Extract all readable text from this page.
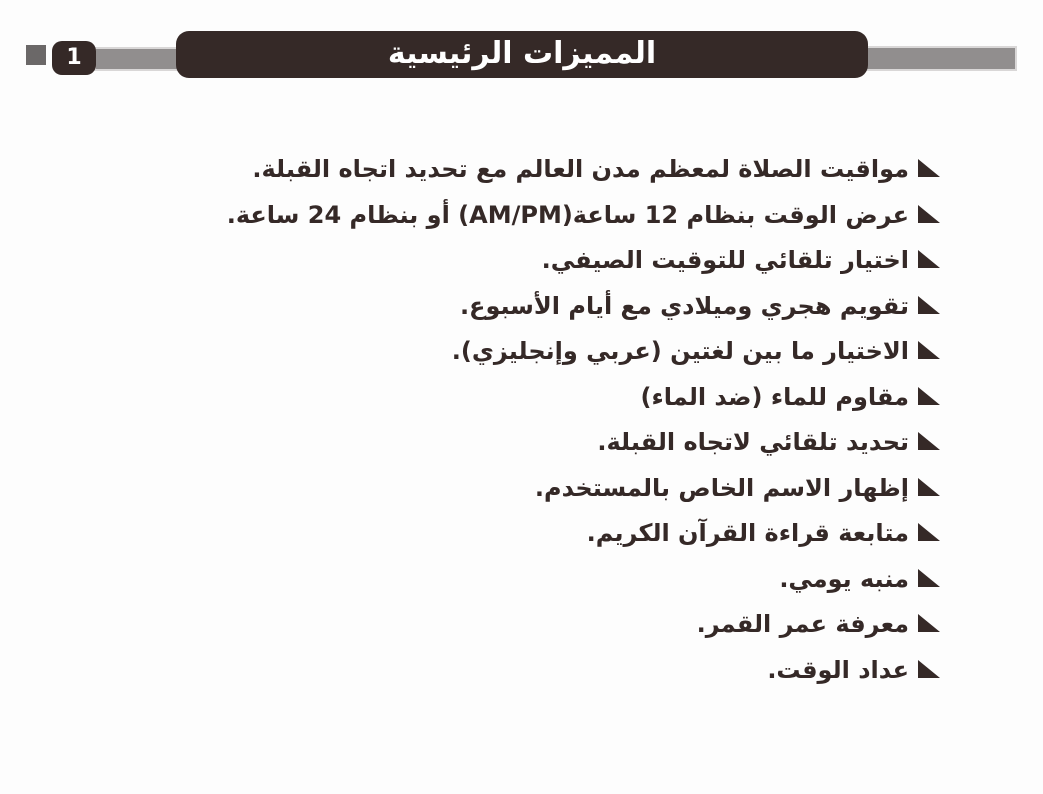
1	المميزات الرئيسية
مواقيت الصلاة لمعظم مدن العالم مع تحديد اتجاه القبلة.
عرض الوقت بنظام 12 ساعة(AM/PM) أو بنظام 24 ساعة.
اختيار تلقائي للتوقيت الصيفي.
تقويم هجري وميلادي مع أيام الأسبوع.
الاختيار ما بين لغتين (عربي وإنجليزي).
مقاوم للماء (ضد الماء)
تحديد تلقائي لاتجاه القبلة.
إظهار الاسم الخاص بالمستخدم.
متابعة قراءة القرآن الكريم.
منبه يومي.
معرفة عمر القمر.
عداد الوقت.
